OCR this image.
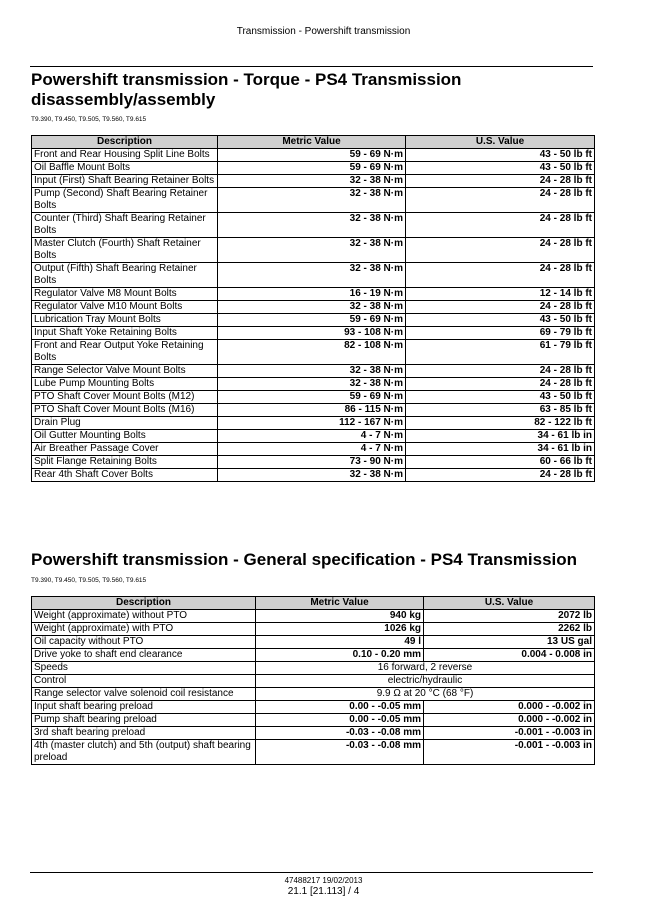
Transmission - Powershift transmission
Powershift transmission - Torque - PS4 Transmission disassembly/assembly
T9.390, T9.450, T9.505, T9.560, T9.615
Description	Metric Value	U.S. Value
Front and Rear Housing Split Line Bolts	59 - 69 N·m	43 - 50 lb ft
Oil Baffle Mount Bolts	59 - 69 N·m	43 - 50 lb ft
Input (First) Shaft Bearing Retainer Bolts	32 - 38 N·m	24 - 28 lb ft
Pump (Second) Shaft Bearing Retainer Bolts	32 - 38 N·m	24 - 28 lb ft
Counter (Third) Shaft Bearing Retainer Bolts	32 - 38 N·m	24 - 28 lb ft
Master Clutch (Fourth) Shaft Retainer Bolts	32 - 38 N·m	24 - 28 lb ft
Output (Fifth) Shaft Bearing Retainer Bolts	32 - 38 N·m	24 - 28 lb ft
Regulator Valve M8 Mount Bolts	16 - 19 N·m	12 - 14 lb ft
Regulator Valve M10 Mount Bolts	32 - 38 N·m	24 - 28 lb ft
Lubrication Tray Mount Bolts	59 - 69 N·m	43 - 50 lb ft
Input Shaft Yoke Retaining Bolts	93 - 108 N·m	69 - 79 lb ft
Front and Rear Output Yoke Retaining Bolts	82 - 108 N·m	61 - 79 lb ft
Range Selector Valve Mount Bolts	32 - 38 N·m	24 - 28 lb ft
Lube Pump Mounting Bolts	32 - 38 N·m	24 - 28 lb ft
PTO Shaft Cover Mount Bolts (M12)	59 - 69 N·m	43 - 50 lb ft
PTO Shaft Cover Mount Bolts (M16)	86 - 115 N·m	63 - 85 lb ft
Drain Plug	112 - 167 N·m	82 - 122 lb ft
Oil Gutter Mounting Bolts	4 - 7 N·m	34 - 61 lb in
Air Breather Passage Cover	4 - 7 N·m	34 - 61 lb in
Split Flange Retaining Bolts	73 - 90 N·m	60 - 66 lb ft
Rear 4th Shaft Cover Bolts	32 - 38 N·m	24 - 28 lb ft
Powershift transmission - General specification - PS4 Transmission
T9.390, T9.450, T9.505, T9.560, T9.615
Description	Metric Value	U.S. Value
Weight (approximate) without PTO	940 kg	2072 lb
Weight (approximate) with PTO	1026 kg	2262 lb
Oil capacity without PTO	49 l	13 US gal
Drive yoke to shaft end clearance	0.10 - 0.20 mm	0.004 - 0.008 in
Speeds	16 forward, 2 reverse	
Control	electric/hydraulic	
Range selector valve solenoid coil resistance	9.9 Ω at 20 °C (68 °F)	
Input shaft bearing preload	0.00 - -0.05 mm	0.000 - -0.002 in
Pump shaft bearing preload	0.00 - -0.05 mm	0.000 - -0.002 in
3rd shaft bearing preload	-0.03 - -0.08 mm	-0.001 - -0.003 in
4th (master clutch) and 5th (output) shaft bearing preload	-0.03 - -0.08 mm	-0.001 - -0.003 in
47488217 19/02/2013
21.1 [21.113] / 4
